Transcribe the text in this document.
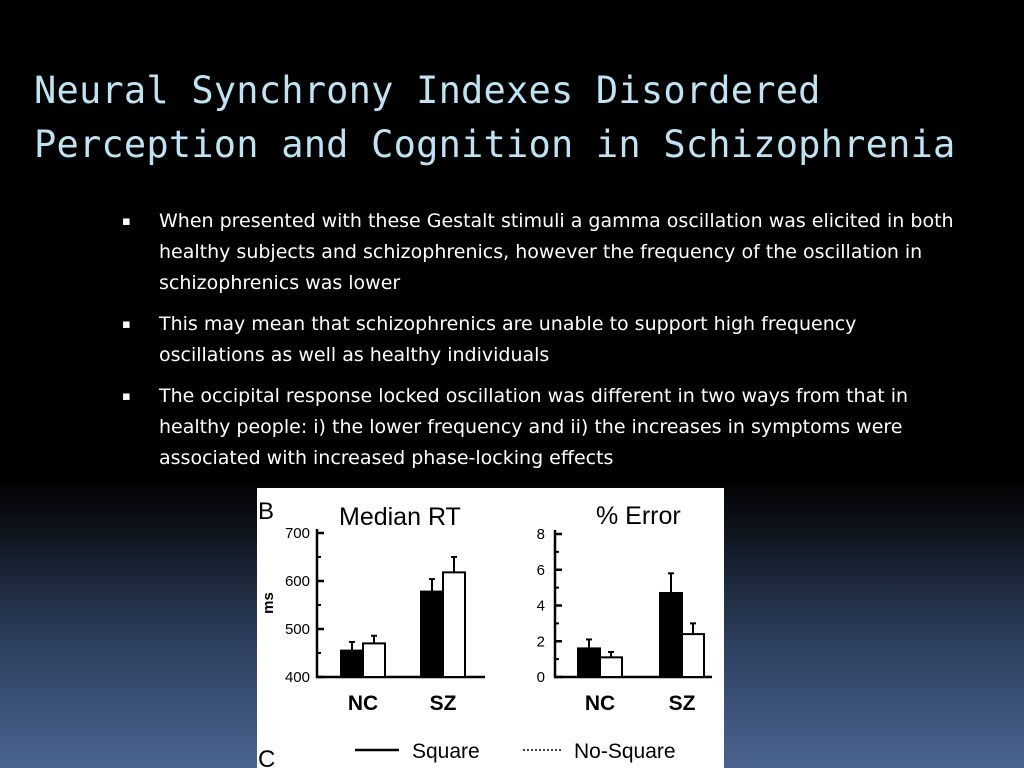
Neural Synchrony Indexes Disordered
Perception and Cognition in Schizophrenia
▪ When presented with these Gestalt stimuli a gamma oscillation was elicited in both healthy subjects and schizophrenics, however the frequency of the oscillation in schizophrenics was lower
▪ This may mean that schizophrenics are unable to support high frequency oscillations as well as healthy individuals
▪ The occipital response locked oscillation was different in two ways from that in healthy people: i) the lower frequency and ii) the increases in symptoms were associated with increased phase-locking effects
B
C
Median RT
ms
400
500
600
700
NC SZ
% Error
0
2
4
6
8
NC	SZ
Square	No-Square
